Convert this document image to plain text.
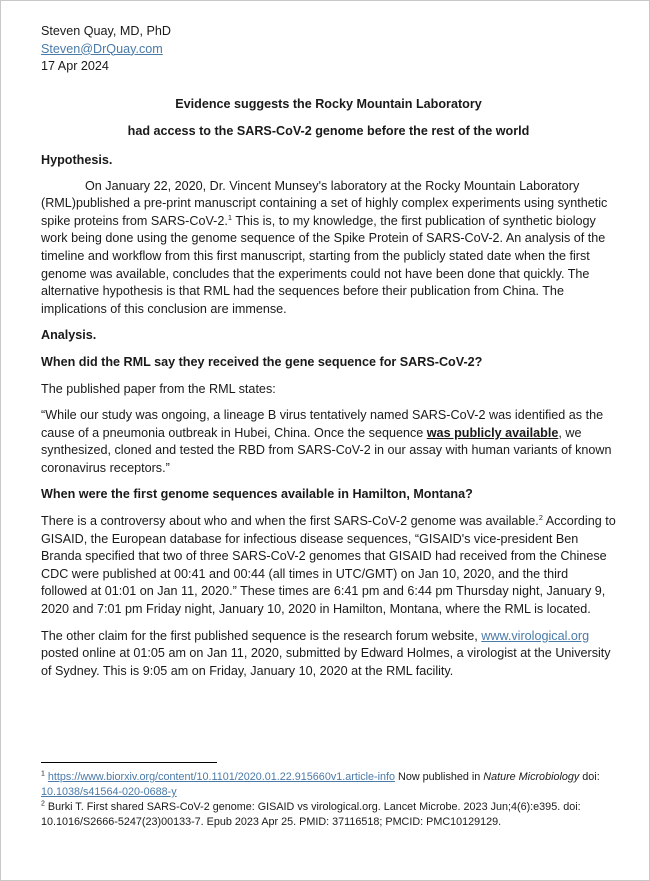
Steven Quay, MD, PhD
Steven@DrQuay.com
17 Apr 2024

Evidence suggests the Rocky Mountain Laboratory

had access to the SARS-CoV-2 genome before the rest of the world

Hypothesis.

On January 22, 2020, Dr. Vincent Munsey's laboratory at the Rocky Mountain Laboratory (RML)published a pre-print manuscript containing a set of highly complex experiments using synthetic spike proteins from SARS-CoV-2.$^1$ This is, to my knowledge, the first publication of synthetic biology work being done using the genome sequence of the Spike Protein of SARS-CoV-2. An analysis of the timeline and workflow from this first manuscript, starting from the publicly stated date when the first genome was available, concludes that the experiments could not have been done that quickly. The alternative hypothesis is that RML had the sequences before their publication from China. The implications of this conclusion are immense.

Analysis.
When did the RML say they received the gene sequence for SARS-CoV-2?

The published paper from the RML states:

“While our study was ongoing, a lineage B virus tentatively named SARS-CoV-2 was identified as the cause of a pneumonia outbreak in Hubei, China. Once the sequence was publicly available, we synthesized, cloned and tested the RBD from SARS-CoV-2 in our assay with human variants of known coronavirus receptors.”

When were the first genome sequences available in Hamilton, Montana?

There is a controversy about who and when the first SARS-CoV-2 genome was available.$^2$ According to GISAID, the European database for infectious disease sequences, “GISAID's vice-president Ben Branda specified that two of three SARS-CoV-2 genomes that GISAID had received from the Chinese CDC were published at 00:41 and 00:44 (all times in UTC/GMT) on Jan 10, 2020, and the third followed at 01:01 on Jan 11, 2020.” These times are 6:41 pm and 6:44 pm Thursday night, January 9, 2020 and 7:01 pm Friday night, January 10, 2020 in Hamilton, Montana, where the RML is located.

The other claim for the first published sequence is the research forum website, www.virological.org posted online at 01:05 am on Jan 11, 2020, submitted by Edward Holmes, a virologist at the University of Sydney. This is 9:05 am on Friday, January 10, 2020 at the RML facility.

$^1$ https://www.biorxiv.org/content/10.1101/2020.01.22.915660v1.article-info Now published in Nature Microbiology doi: 10.1038/s41564-020-0688-y
$^2$ Burki T. First shared SARS-CoV-2 genome: GISAID vs virological.org. Lancet Microbe. 2023 Jun;4(6):e395. doi: 10.1016/S2666-5247(23)00133-7. Epub 2023 Apr 25. PMID: 37116518; PMCID: PMC10129129.
